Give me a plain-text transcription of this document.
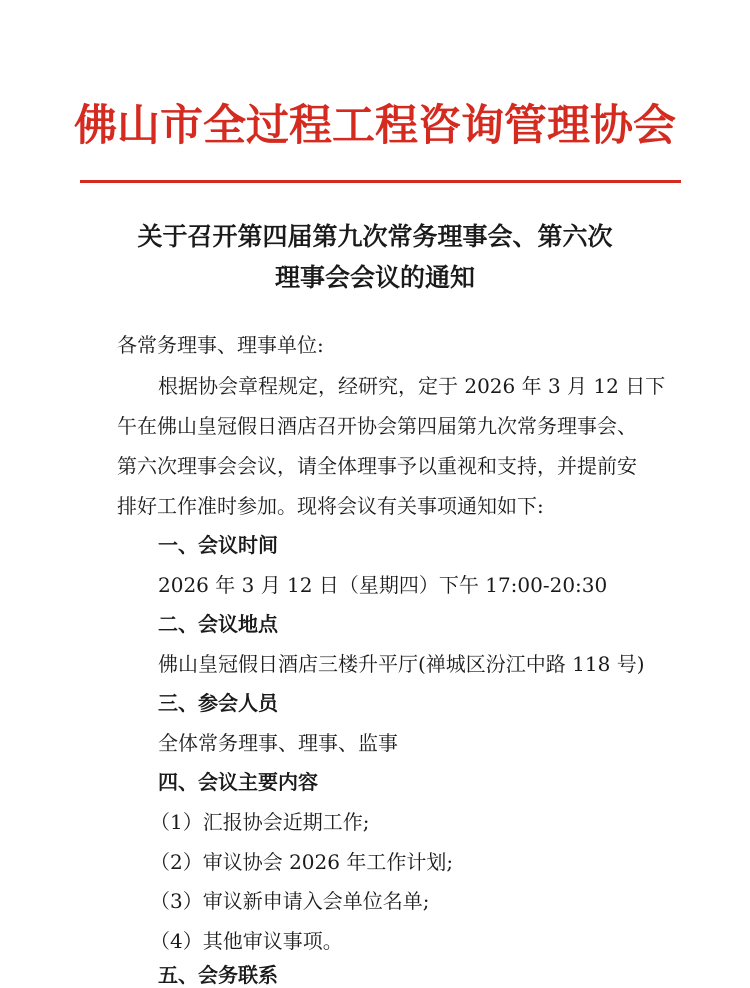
佛山市全过程工程咨询管理协会
关于召开第四届第九次常务理事会、第六次
理事会会议的通知
各常务理事、理事单位:
根据协会章程规定，经研究，定于 2026 年 3 月 12 日下
午在佛山皇冠假日酒店召开协会第四届第九次常务理事会、
第六次理事会会议，请全体理事予以重视和支持，并提前安
排好工作准时参加。现将会议有关事项通知如下:
一、会议时间
2026 年 3 月 12 日（星期四）下午 17:00-20:30
二、会议地点
佛山皇冠假日酒店三楼升平厅(禅城区汾江中路 118 号)
三、参会人员
全体常务理事、理事、监事
四、会议主要内容
（1）汇报协会近期工作;
（2）审议协会 2026 年工作计划;
（3）审议新申请入会单位名单;
（4）其他审议事项。
五、会务联系
